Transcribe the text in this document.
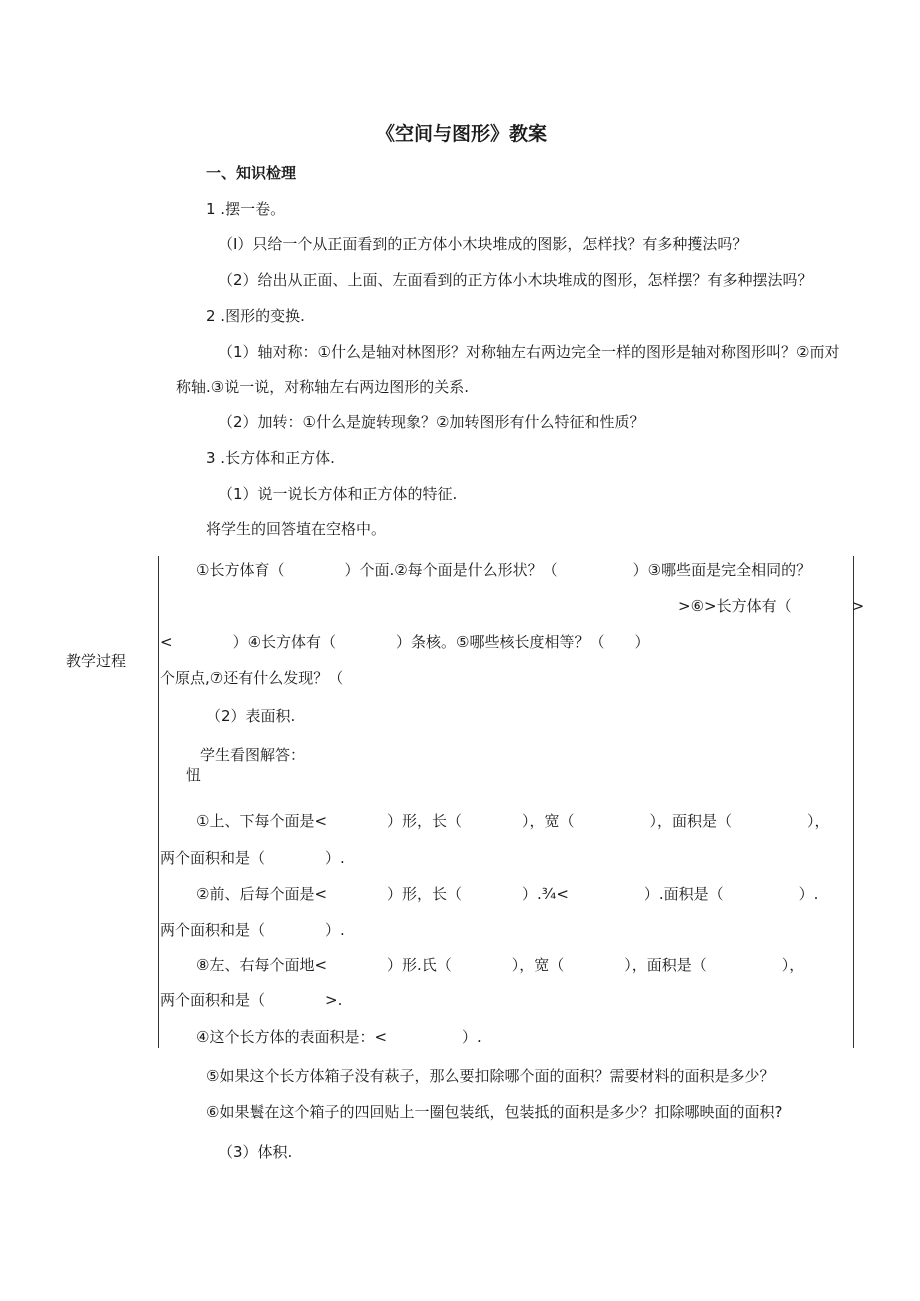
《空间与图形》教案
一、知识检理
1 .摆一卷。
（I）只给一个从正面看到的正方体小木块堆成的图影，怎样找？有多种擭法吗？
（2）给出从正面、上面、左面看到的正方体小木块堆成的图形，怎样摆？有多种摆法吗？
2 .图形的变换.
（1）轴对称：①什么是轴对林图形？对称轴左右两边完全一样的图形是轴对称图形叫？②而对
称轴.③说一说，对称轴左右两边图形的关系.
（2）加转：①什么是旋转现象？②加转图形有什么特征和性质？
3 .长方体和正方体.
（1）说一说长方体和正方体的特征.
将学生的回答埴在空格中。
教学过程
①长方体育（　　　　）个面.②每个面是什么形状？（　　　　　）③哪些面是完全相同的？
>⑥>长方体有（　　　　>
<　　　　）④长方体有（　　　　）条核。⑤哪些核长度相等？（　　）
个原点,⑦还有什么发现？（
（2）表面积.
学生看图解答：
忸
①上、下每个面是<　　　　）形，长（　　　　），宽（　　　　　），面积是（　　　　　），
两个面积和是（　　　　）.
②前、后每个面是<　　　　）形，长（　　　　）.¾<　　　　　）.面积是（　　　　　）.
两个面积和是（　　　　）.
⑧左、右每个面地<　　　　）形.氏（　　　　），宽（　　　　），面积是（　　　　　），
两个面积和是（　　　　>.
④这个长方体的表面积是：<　　　　　）.
⑤如果这个长方体箱子没有萩子，那么要扣除哪个面的面积？需要材料的面积是多少？
⑥如果鬟在这个箱子的四回贴上一圈包装纸，包装抵的面积是多少？扣除哪映面的面积?
（3）体积.
